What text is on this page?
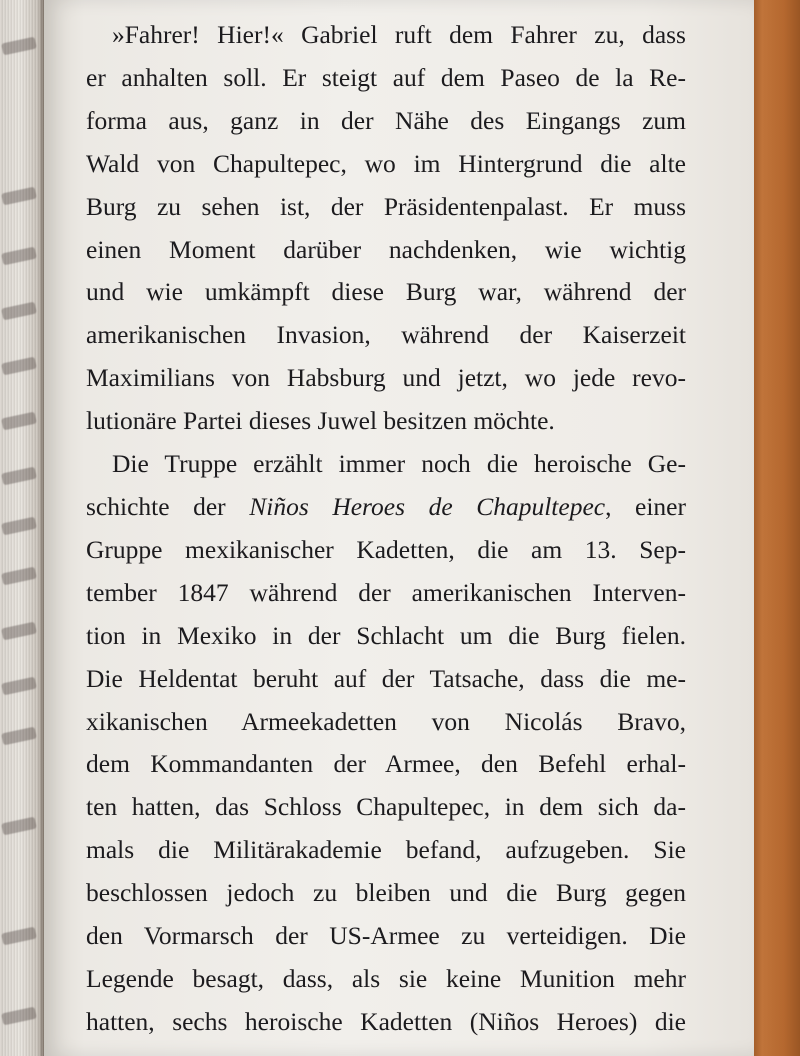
»Fahrer! Hier!« Gabriel ruft dem Fahrer zu, dass
er anhalten soll. Er steigt auf dem Paseo de la Re-
forma aus, ganz in der Nähe des Eingangs zum
Wald von Chapultepec, wo im Hintergrund die alte
Burg zu sehen ist, der Präsidentenpalast. Er muss
einen Moment darüber nachdenken, wie wichtig
und wie umkämpft diese Burg war, während der
amerikanischen Invasion, während der Kaiserzeit
Maximilians von Habsburg und jetzt, wo jede revo-
lutionäre Partei dieses Juwel besitzen möchte.
Die Truppe erzählt immer noch die heroische Ge-
schichte der Niños Heroes de Chapultepec, einer
Gruppe mexikanischer Kadetten, die am 13. Sep-
tember 1847 während der amerikanischen Interven-
tion in Mexiko in der Schlacht um die Burg fielen.
Die Heldentat beruht auf der Tatsache, dass die me-
xikanischen Armeekadetten von Nicolás Bravo,
dem Kommandanten der Armee, den Befehl erhal-
ten hatten, das Schloss Chapultepec, in dem sich da-
mals die Militärakademie befand, aufzugeben. Sie
beschlossen jedoch zu bleiben und die Burg gegen
den Vormarsch der US-Armee zu verteidigen. Die
Legende besagt, dass, als sie keine Munition mehr
hatten, sechs heroische Kadetten (Niños Heroes) die
